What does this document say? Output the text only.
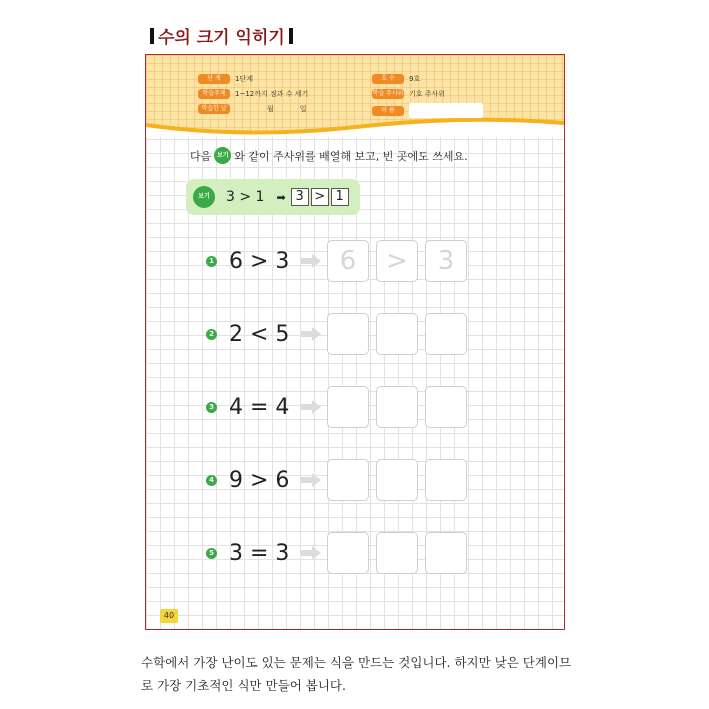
수의 크기 익히기
단 계	1단계
학습주제	1~12까지 점과 수 세기
학습한 날	월	일
호 수	9호
학습 주사위 기호 주사위
이 름
다음 보기 와 같이 주사위를 배열해 보고, 빈 곳에도 쓰세요.
보기	3 > 1 ➡ 3 > 1
1 6 > 3	6	>	3
2 2 < 5
3 4 = 4
4 9 > 6
5 3 = 3
40
수학에서 가장 난이도 있는 문제는 식을 만드는 것입니다. 하지만 낮은 단계이므로 가장 기초적인 식만 만들어 봅니다.
